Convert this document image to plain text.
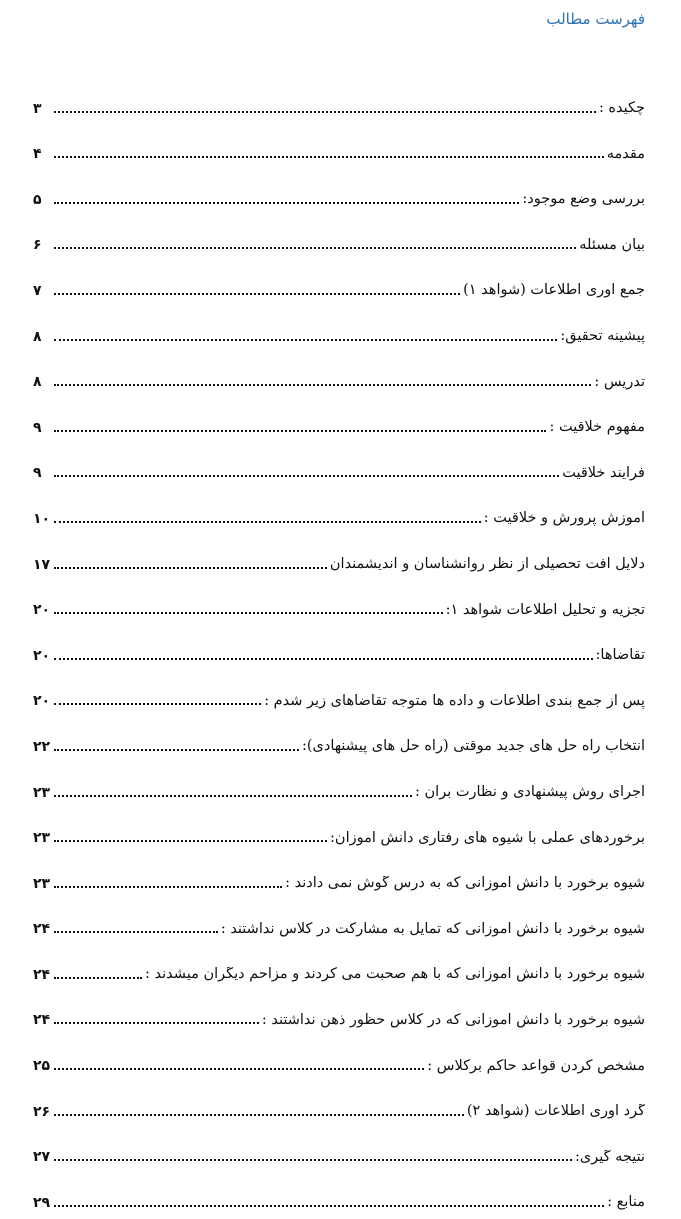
فهرست مطالب
چکیده :
۳
مقدمه
۴
بررسی وضع موجود:
۵
بیان مسئله
۶
جمع آوری اطلاعات (شواهد ۱)
۷
پیشینه تحقیق:
۸
تدریس :
۸
مفهوم خلاقیت :
۹
فرایند خلاقیت
۹
آموزش پرورش و خلاقیت :
۱۰
دلایل افت تحصیلی از نظر روانشناسان و اندیشمندان
۱۷
تجزیه و تحلیل اطلاعات شواهد ۱:
۲۰
تقاضاها:
۲۰
پس از جمع بندی اطلاعات و داده ها متوجه تقاضاهای زیر شدم :
۲۰
انتخاب راه حل های جدید موقتی (راه حل های پیشنهادی):
۲۲
اجرای روش پیشنهادی و نظارت برآن :
۲۳
برخوردهای عملی با شیوه های رفتاری دانش آموزان:
۲۳
شیوه برخورد با دانش آموزانی که به درس گوش نمی دادند :
۲۳
شیوه برخورد با دانش آموزانی که تمایل به مشارکت در کلاس نداشتند :
۲۴
شیوه برخورد با دانش آموزانی که با هم صحبت می کردند و مزاحم دیگران میشدند :
۲۴
شیوه برخورد با دانش آموزانی که در کلاس حظور ذهن نداشتند :
۲۴
مشخص کردن قواعد حاکم برکلاس :
۲۵
گرد آوری اطلاعات (شواهد ۲)
۲۶
نتیجه گیری:
۲۷
منابع :
۲۹
